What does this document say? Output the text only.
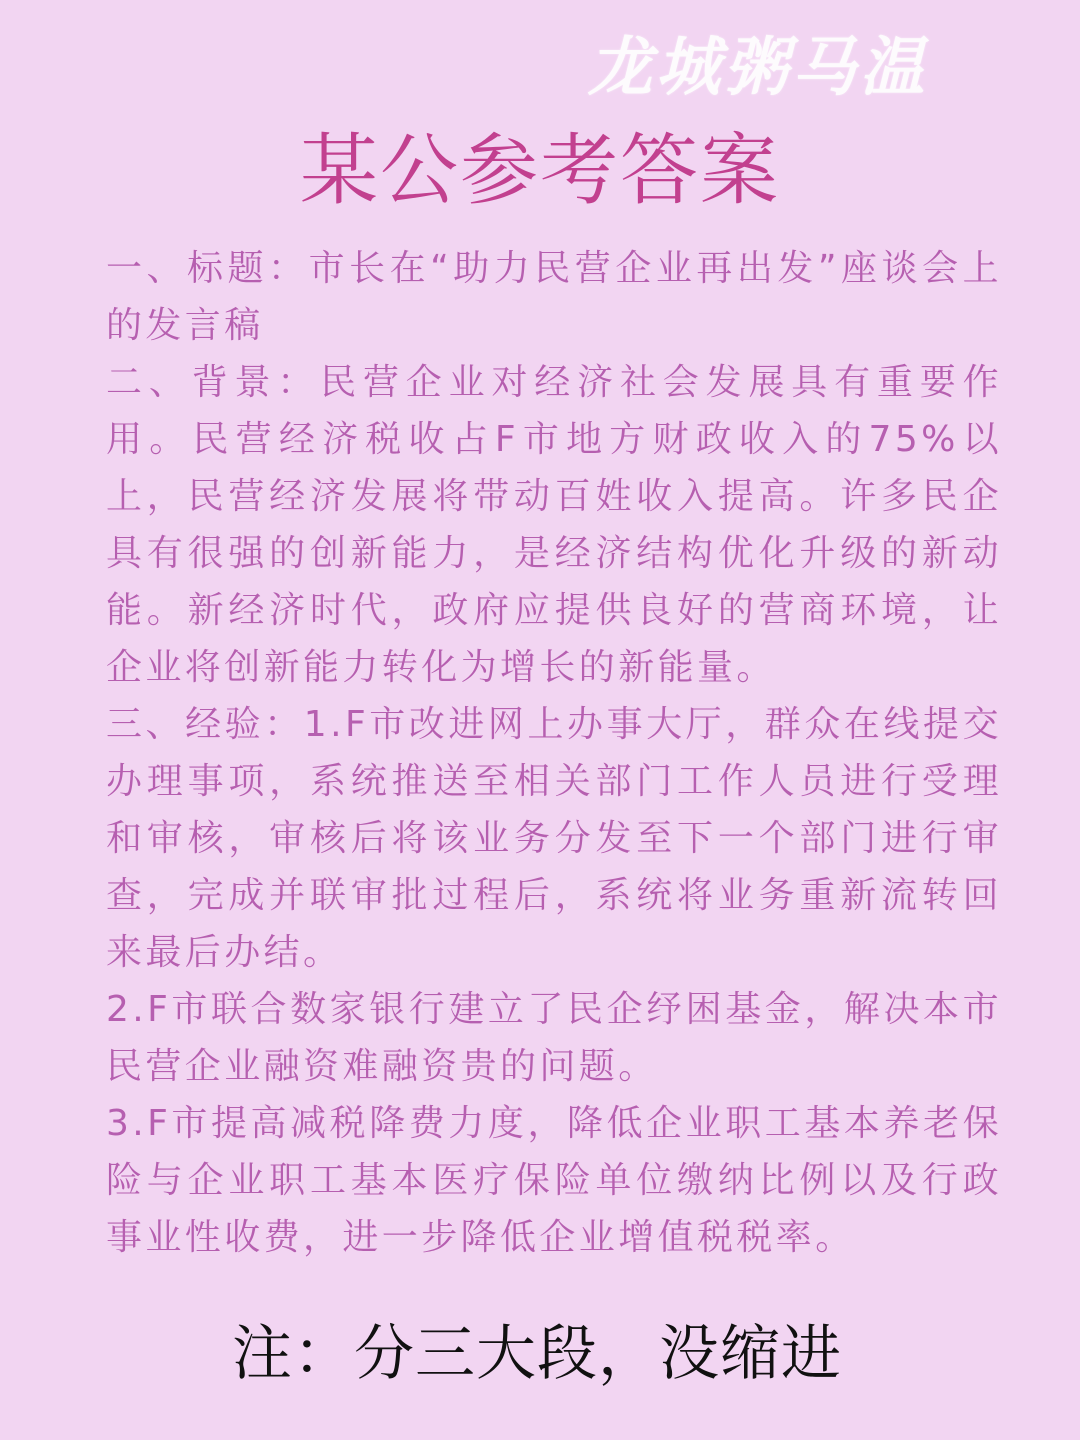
龙城粥马温
某公参考答案

一、标题：市长在“助力民营企业再出发”座谈会上的发言稿

二、背景：民营企业对经济社会发展具有重要作用。民营经济税收占F市地方财政收入的75%以上，民营经济发展将带动百姓收入提高。许多民企具有很强的创新能力，是经济结构优化升级的新动能。新经济时代，政府应提供良好的营商环境，让企业将创新能力转化为增长的新能量。

三、经验：1.F市改进网上办事大厅，群众在线提交办理事项，系统推送至相关部门工作人员进行受理和审核，审核后将该业务分发至下一个部门进行审查，完成并联审批过程后，系统将业务重新流转回来最后办结。

2.F市联合数家银行建立了民企纾困基金，解决本市民营企业融资难融资贵的问题。

3.F市提高减税降费力度，降低企业职工基本养老保险与企业职工基本医疗保险单位缴纳比例以及行政事业性收费，进一步降低企业增值税税率。

注：分三大段，没缩进
